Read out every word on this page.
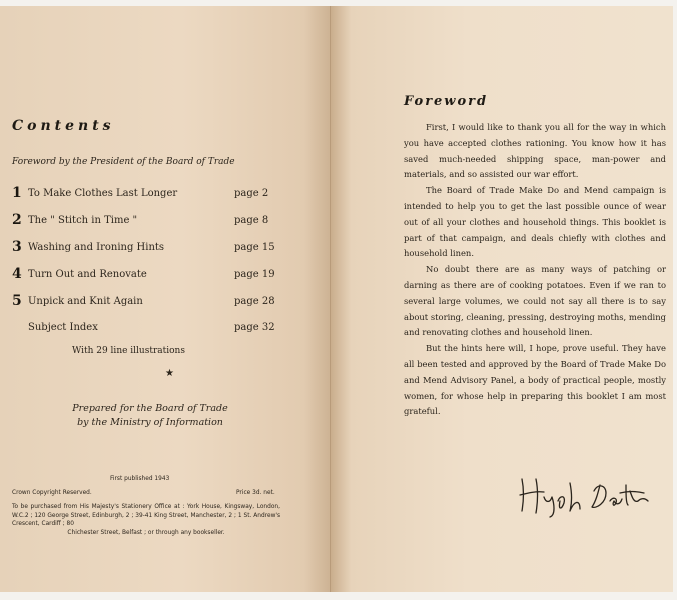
Contents
Foreword by the President of the Board of Trade
1 To Make Clothes Last Longer	page 2
2 The " Stitch in Time "	page 8
3 Washing and Ironing Hints	page 15
4 Turn Out and Renovate	page 19
5 Unpick and Knit Again	page 28
Subject Index	page 32
With 29 line illustrations
★
Prepared for the Board of Trade
by the Ministry of Information
First published 1943
Crown Copyright Reserved.	Price 3d. net.
To be purchased from His Majesty's Stationery Office at : York House, Kingsway, London, W.C.2 ; 120 George Street, Edinburgh, 2 ; 39-41 King Street, Manchester, 2 ; 1 St. Andrew's Crescent, Cardiff ; 80
Chichester Street, Belfast ; or through any bookseller.
Foreword

First, I would like to thank you all for the way in which you have accepted clothes rationing. You know how it has saved much-needed shipping space, man-power and materials, and so assisted our war effort.

The Board of Trade Make Do and Mend campaign is intended to help you to get the last possible ounce of wear out of all your clothes and household things. This booklet is part of that campaign, and deals chiefly with clothes and household linen.

No doubt there are as many ways of patching or darning as there are of cooking potatoes. Even if we ran to several large volumes, we could not say all there is to say about storing, cleaning, pressing, destroying moths, mending and renovating clothes and household linen.

But the hints here will, I hope, prove useful. They have all been tested and approved by the Board of Trade Make Do and Mend Advisory Panel, a body of practical people, mostly women, for whose help in preparing this booklet I am most grateful.
